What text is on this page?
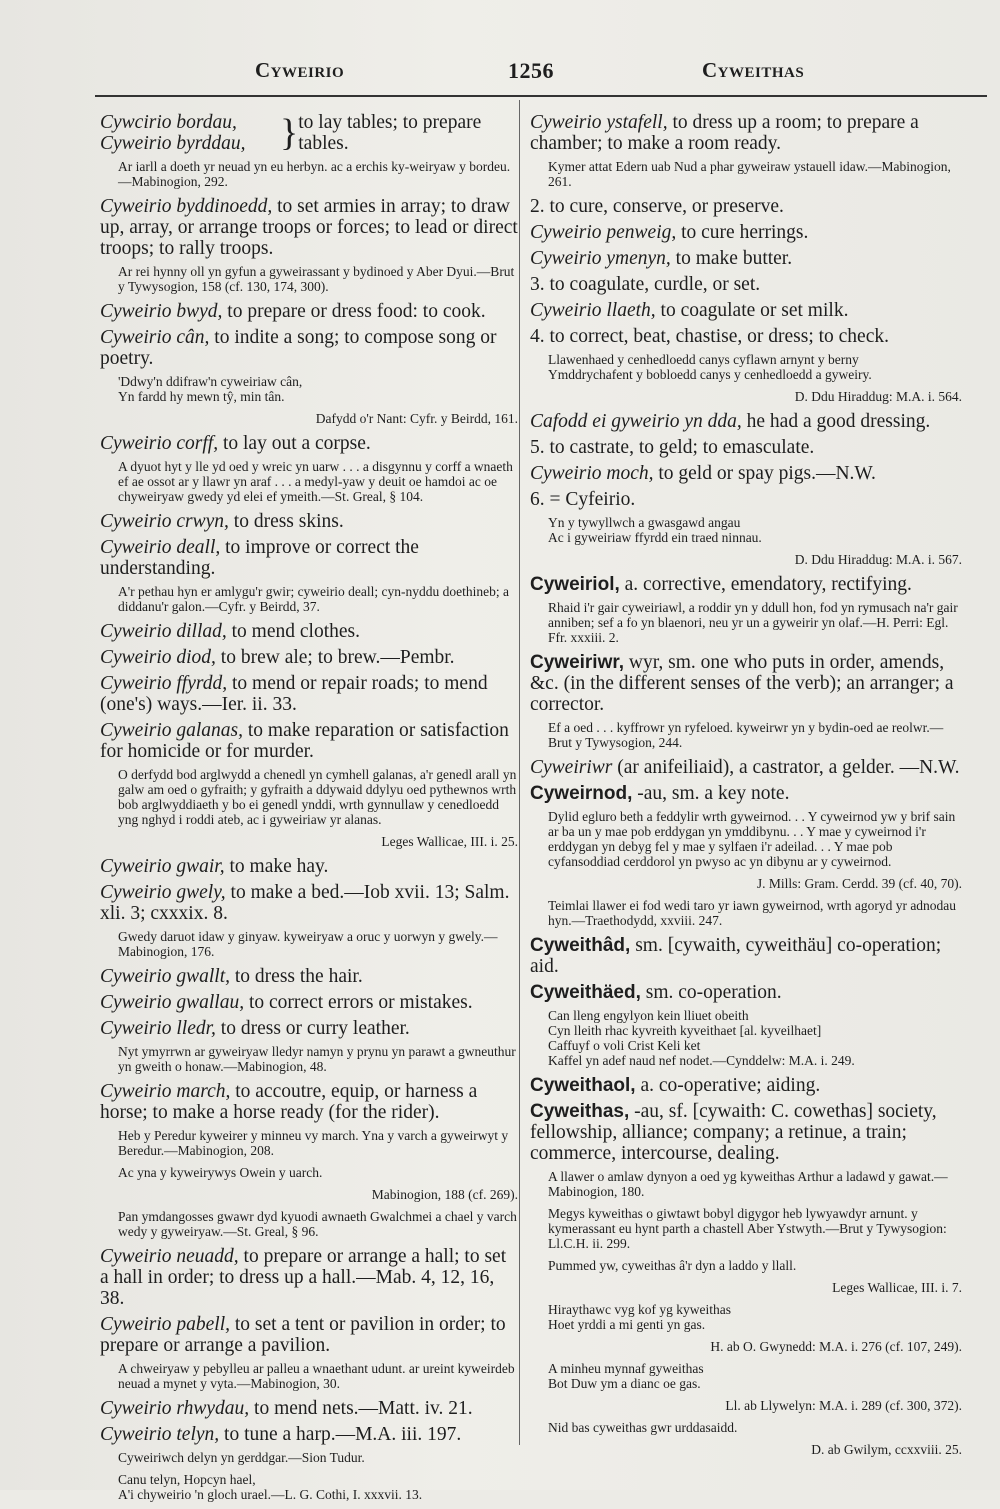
Cyweirio	1256	Cyweithas
Cywcirio bordau,
Cyweirio byrddau, } to lay tables; to prepare
tables.
Ar iarll a doeth yr neuad yn eu herbyn. ac a erchis ky-weiryaw y bordeu.—Mabinogion, 292.
Cyweirio byddinoedd, to set armies in array; to draw up, array, or arrange troops or forces; to lead or direct troops; to rally troops.
Ar rei hynny oll yn gyfun a gyweirassant y bydinoed y Aber Dyui.—Brut y Tywysogion, 158 (cf. 130, 174, 300).
Cyweirio bwyd, to prepare or dress food: to cook.
Cyweirio cân, to indite a song; to compose song or poetry.
'Ddwy'n ddifraw'n cyweiriaw cân,
Yn fardd hy mewn tŷ, min tân.
Dafydd o'r Nant: Cyfr. y Beirdd, 161.
Cyweirio corff, to lay out a corpse.
A dyuot hyt y lle yd oed y wreic yn uarw . . . a disgynnu y corff a wnaeth ef ae ossot ar y llawr yn araf . . . a medyl-yaw y deuit oe hamdoi ac oe chyweiryaw gwedy yd elei ef ymeith.—St. Greal, § 104.
Cyweirio crwyn, to dress skins.
Cyweirio deall, to improve or correct the understanding.
A'r pethau hyn er amlygu'r gwir; cyweirio deall; cyn-nyddu doethineb; a diddanu'r galon.—Cyfr. y Beirdd, 37.
Cyweirio dillad, to mend clothes.
Cyweirio diod, to brew ale; to brew.—Pembr.
Cyweirio ffyrdd, to mend or repair roads; to mend (one's) ways.—Ier. ii. 33.
Cyweirio galanas, to make reparation or satisfaction for homicide or for murder.
O derfydd bod arglwydd a chenedl yn cymhell galanas, a'r genedl arall yn galw am oed o gyfraith; y gyfraith a ddywaid ddylyu oed pythewnos wrth bob arglwyddiaeth y bo ei genedl ynddi, wrth gynnullaw y cenedloedd yng nghyd i roddi ateb, ac i gyweiriaw yr alanas.
Leges Wallicae, III. i. 25.
Cyweirio gwair, to make hay.
Cyweirio gwely, to make a bed.—Iob xvii. 13; Salm. xli. 3; cxxxix. 8.
Gwedy daruot idaw y ginyaw. kyweiryaw a oruc y uorwyn y gwely.—Mabinogion, 176.
Cyweirio gwallt, to dress the hair.
Cyweirio gwallau, to correct errors or mistakes.
Cyweirio lledr, to dress or curry leather.
Nyt ymyrrwn ar gyweiryaw lledyr namyn y prynu yn parawt a gwneuthur yn gweith o honaw.—Mabinogion, 48.
Cyweirio march, to accoutre, equip, or harness a horse; to make a horse ready (for the rider).
Heb y Peredur kyweirer y minneu vy march. Yna y varch a gyweirwyt y Beredur.—Mabinogion, 208.
Ac yna y kyweirywys Owein y uarch.
Mabinogion, 188 (cf. 269).
Pan ymdangosses gwawr dyd kyuodi awnaeth Gwalchmei a chael y varch wedy y gyweiryaw.—St. Greal, § 96.
Cyweirio neuadd, to prepare or arrange a hall; to set a hall in order; to dress up a hall.—Mab. 4, 12, 16, 38.
Cyweirio pabell, to set a tent or pavilion in order; to prepare or arrange a pavilion.
A chweiryaw y pebylleu ar palleu a wnaethant udunt. ar ureint kyweirdeb neuad a mynet y vyta.—Mabinogion, 30.
Cyweirio rhwydau, to mend nets.—Matt. iv. 21.
Cyweirio telyn, to tune a harp.—M.A. iii. 197.
Cyweiriwch delyn yn gerddgar.—Sion Tudur.
Canu telyn, Hopcyn hael,
A'i chyweirio 'n gloch urael.—L. G. Cothi, I. xxxvii. 13.
Cyweirio ystafell, to dress up a room; to prepare a chamber; to make a room ready.
Kymer attat Edern uab Nud a phar gyweiraw ystauell idaw.—Mabinogion, 261.
2. to cure, conserve, or preserve.
Cyweirio penweig, to cure herrings.
Cyweirio ymenyn, to make butter.
3. to coagulate, curdle, or set.
Cyweirio llaeth, to coagulate or set milk.
4. to correct, beat, chastise, or dress; to check.
Llawenhaed y cenhedloedd canys cyflawn arnynt y berny
Ymddrychafent y bobloedd canys y cenhedloedd a gyweiry.
D. Ddu Hiraddug: M.A. i. 564.
Cafodd ei gyweirio yn dda, he had a good dressing.
5. to castrate, to geld; to emasculate.
Cyweirio moch, to geld or spay pigs.—N.W.
6. = Cyfeirio.
Yn y tywyllwch a gwasgawd angau
Ac i gyweiriaw ffyrdd ein traed ninnau.
D. Ddu Hiraddug: M.A. i. 567.
Cyweiriol, a. corrective, emendatory, rectifying.
Rhaid i'r gair cyweiriawl, a roddir yn y ddull hon, fod yn rymusach na'r gair anniben; sef a fo yn blaenori, neu yr un a gyweirir yn olaf.—H. Perri: Egl. Ffr. xxxiii. 2.
Cyweiriwr, wyr, sm. one who puts in order, amends, &c. (in the different senses of the verb); an arranger; a corrector.
Ef a oed . . . kyffrowr yn ryfeloed. kyweirwr yn y bydin-oed ae reolwr.—Brut y Tywysogion, 244.
Cyweiriwr (ar anifeiliaid), a castrator, a gelder. —N.W.
Cyweirnod, -au, sm. a key note.
Dylid egluro beth a feddylir wrth gyweirnod. . . Y cyweirnod yw y brif sain ar ba un y mae pob erddygan yn ymddibynu. . . Y mae y cyweirnod i'r erddygan yn debyg fel y mae y sylfaen i'r adeilad. . . Y mae pob cyfansoddiad cerddorol yn pwyso ac yn dibynu ar y cyweirnod.
J. Mills: Gram. Cerdd. 39 (cf. 40, 70).
Teimlai llawer ei fod wedi taro yr iawn gyweirnod, wrth agoryd yr adnodau hyn.—Traethodydd, xxviii. 247.
Cyweithâd, sm. [cywaith, cyweithäu] co-operation; aid.
Cyweithäed, sm. co-operation.
Can lleng engylyon kein lliuet obeith
Cyn lleith rhac kyvreith kyveithaet [al. kyveilhaet]
Caffuyf o voli Crist Keli ket
Kaffel yn adef naud nef nodet.—Cynddelw: M.A. i. 249.
Cyweithaol, a. co-operative; aiding.
Cyweithas, -au, sf. [cywaith: C. cowethas] society, fellowship, alliance; company; a retinue, a train; commerce, intercourse, dealing.
A llawer o amlaw dynyon a oed yg kyweithas Arthur a ladawd y gawat.—Mabinogion, 180.
Megys kyweithas o giwtawt bobyl digygor heb lywyawdyr arnunt. y kymerassant eu hynt parth a chastell Aber Ystwyth.—Brut y Tywysogion: Ll.C.H. ii. 299.
Pummed yw, cyweithas â'r dyn a laddo y llall.
Leges Wallicae, III. i. 7.
Hiraythawc vyg kof yg kyweithas
Hoet yrddi a mi genti yn gas.
H. ab O. Gwynedd: M.A. i. 276 (cf. 107, 249).
A minheu mynnaf gyweithas
Bot Duw ym a dianc oe gas.
Ll. ab Llywelyn: M.A. i. 289 (cf. 300, 372).
Nid bas cyweithas gwr urddasaidd.
D. ab Gwilym, ccxxviii. 25.
